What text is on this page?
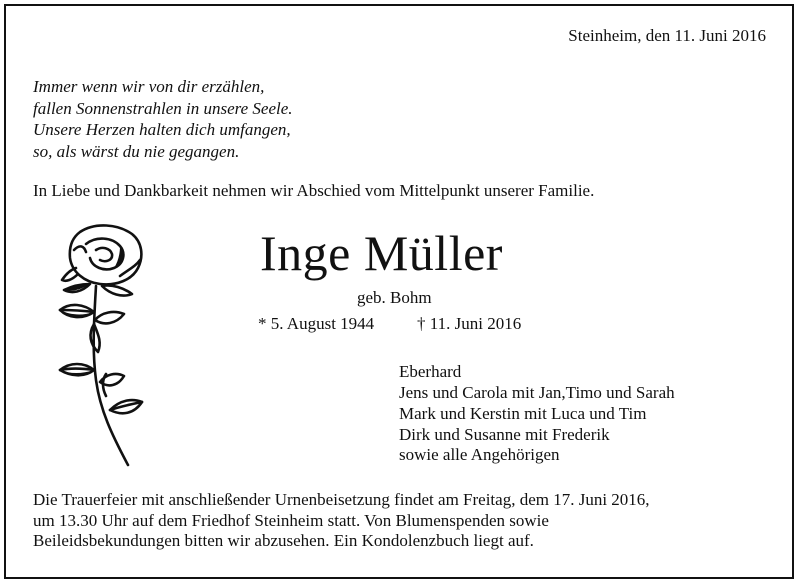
Steinheim, den 11. Juni 2016
Immer wenn wir von dir erzählen,
fallen Sonnenstrahlen in unsere Seele.
Unsere Herzen halten dich umfangen,
so, als wärst du nie gegangen.
In Liebe und Dankbarkeit nehmen wir Abschied vom Mittelpunkt unserer Familie.
Inge Müller
geb. Bohm
* 5. August 1944	† 11. Juni 2016
Eberhard
Jens und Carola mit Jan,Timo und Sarah
Mark und Kerstin mit Luca und Tim
Dirk und Susanne mit Frederik
sowie alle Angehörigen
Die Trauerfeier mit anschließender Urnenbeisetzung findet am Freitag, dem 17. Juni 2016,
um 13.30 Uhr auf dem Friedhof Steinheim statt. Von Blumenspenden sowie
Beileidsbekundungen bitten wir abzusehen. Ein Kondolenzbuch liegt auf.
